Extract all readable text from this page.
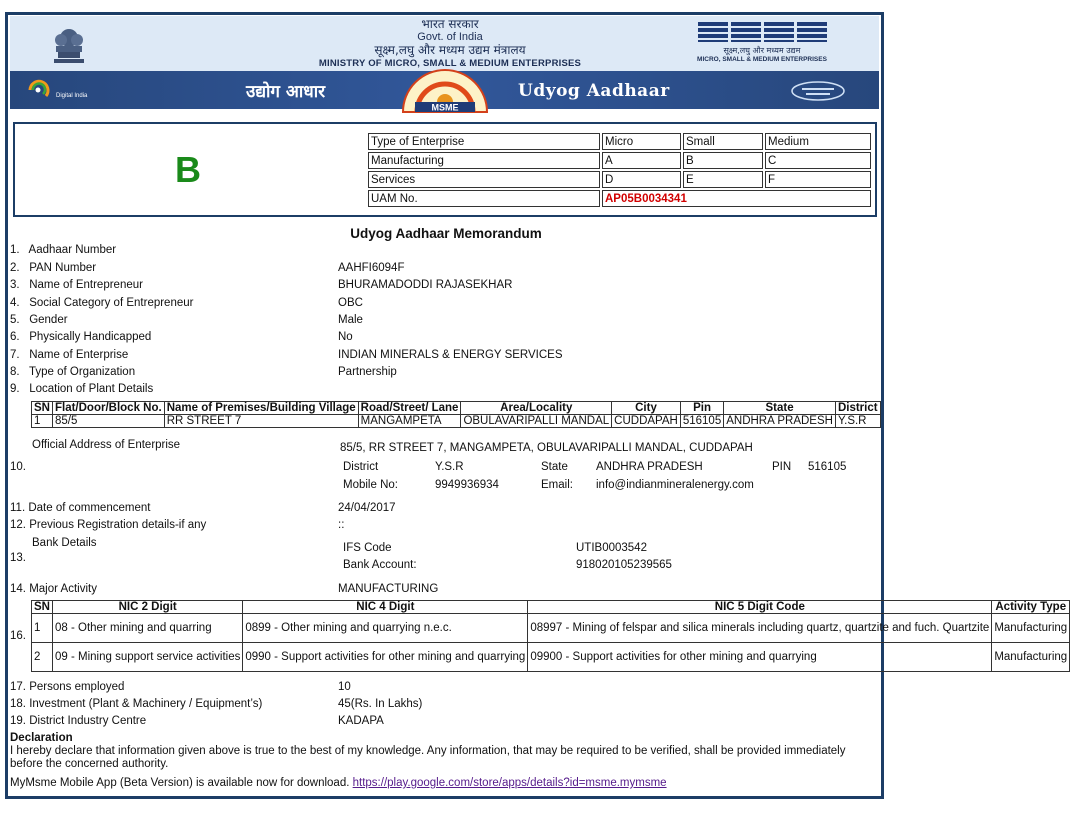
भारत सरकार
Govt. of India
सूक्ष्म,लघु और मध्यम उद्यम मंत्रालय
MINISTRY OF MICRO, SMALL & MEDIUM ENTERPRISES
सूक्ष्म,लघु और मध्यम उद्यम
MICRO, SMALL & MEDIUM ENTERPRISES
Digital India	उद्योग आधार
MSME
Udyog Aadhaar
B
Type of Enterprise	Micro	Small	Medium
Manufacturing	A	B	C
Services	D	E	F
UAM No.	AP05B0034341		
Udyog Aadhaar Memorandum
1. Aadhaar Number
2. PAN Number	AAHFI6094F
3. Name of Entrepreneur	BHURAMADODDI RAJASEKHAR
4. Social Category of Entrepreneur	OBC
5. Gender	Male
6. Physically Handicapped	No
7. Name of Enterprise	INDIAN MINERALS & ENERGY SERVICES
8. Type of Organization	Partnership
9. Location of Plant Details
SN	Flat/Door/Block No.	Name of Premises/Building Village	Road/Street/ Lane	Area/Locality	City	Pin	State	District
1	85/5	RR STREET 7	MANGAMPETA	OBULAVARIPALLI MANDAL	CUDDAPAH	516105	ANDHRA PRADESH	Y.S.R
Official Address of Enterprise	85/5, RR STREET 7, MANGAMPETA, OBULAVARIPALLI MANDAL, CUDDAPAH
10.	District	Y.S.R	State ANDHRA PRADESH	PIN 516105
Mobile No:	9949936934	Email: info@indianmineralenergy.com
11. Date of commencement	24/04/2017
12. Previous Registration details-if any	::
Bank Details
13.
IFS Code	UTIB0003542
Bank Account:	918020105239565
14. Major Activity	MANUFACTURING
16.
SN	NIC 2 Digit	NIC 4 Digit	NIC 5 Digit Code	Activity Type
1	08 - Other mining and quarring	0899 - Other mining and quarrying n.e.c.	08997 - Mining of felspar and silica minerals including quartz, quartzite and fuch. Quartzite	Manufacturing
2	09 - Mining support service activities	0990 - Support activities for other mining and quarrying	09900 - Support activities for other mining and quarrying	Manufacturing
17. Persons employed	10
18. Investment (Plant & Machinery / Equipment’s)	45(Rs. In Lakhs)
19. District Industry Centre	KADAPA
Declaration
I hereby declare that information given above is true to the best of my knowledge. Any information, that may be required to be verified, shall be provided immediately before the concerned authority.
MyMsme Mobile App (Beta Version) is available now for download. https://play.google.com/store/apps/details?id=msme.mymsme
